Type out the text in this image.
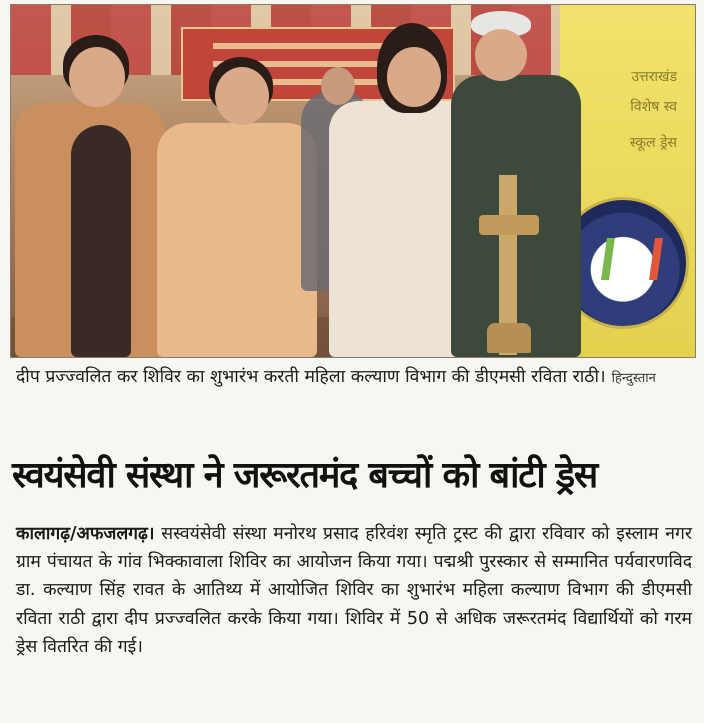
उत्तराखंड
विशेष स्व
स्कूल ड्रेस
दीप प्रज्ज्वलित कर शिविर का शुभारंभ करती महिला कल्याण विभाग की डीएमसी रविता राठी। हिन्दुस्तान
स्वयंसेवी संस्था ने जरूरतमंद बच्चों को बांटी ड्रेस
कालागढ़/अफजलगढ़। सस्वयंसेवी संस्था मनोरथ प्रसाद हरिवंश स्मृति ट्रस्ट की द्वारा रविवार को इस्लाम नगर ग्राम पंचायत के गांव भिक्कावाला शिविर का आयोजन किया गया। पद्मश्री पुरस्कार से सम्मानित पर्यवारणविद डा. कल्याण सिंह रावत के आतिथ्य में आयोजित शिविर का शुभारंभ महिला कल्याण विभाग की डीएमसी रविता राठी द्वारा दीप प्रज्ज्वलित करके किया गया। शिविर में 50 से अधिक जरूरतमंद विद्यार्थियों को गरम ड्रेस वितरित की गई।
